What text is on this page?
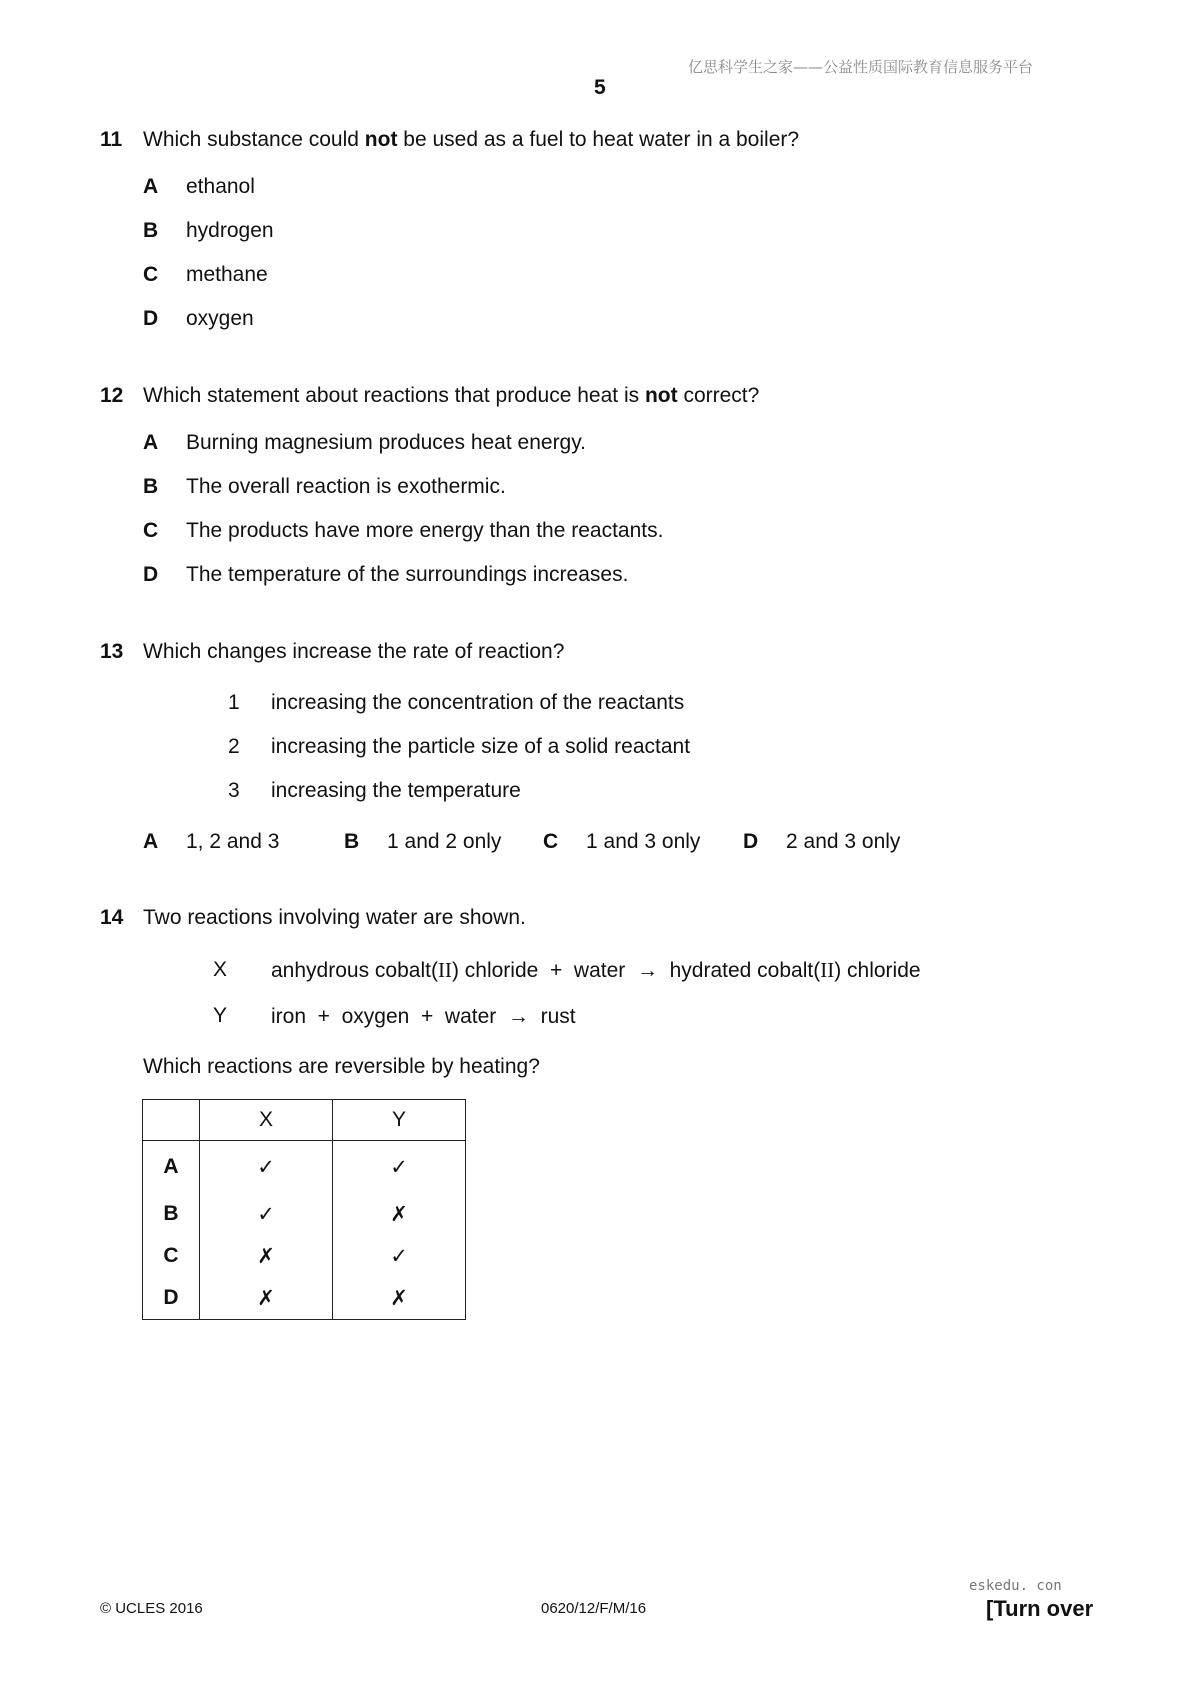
亿思科学生之家——公益性质国际教育信息服务平台
5
11 Which substance could not be used as a fuel to heat water in a boiler?
A ethanol
B hydrogen
C methane
D oxygen
12 Which statement about reactions that produce heat is not correct?
A Burning magnesium produces heat energy.
B The overall reaction is exothermic.
C The products have more energy than the reactants.
D The temperature of the surroundings increases.
13 Which changes increase the rate of reaction?
1 increasing the concentration of the reactants
2 increasing the particle size of a solid reactant
3 increasing the temperature
A 1, 2 and 3	B 1 and 2 only C 1 and 3 only D 2 and 3 only
14 Two reactions involving water are shown.
X anhydrous cobalt(II) chloride  +  water  →  hydrated cobalt(II) chloride
Y iron  +  oxygen  +  water  →  rust
Which reactions are reversible by heating?
	X	Y
A	✓	✓
B	✓	✗
C	✗	✓
D	✗	✗
eskedu. con
© UCLES 2016	0620/12/F/M/16	[Turn over
